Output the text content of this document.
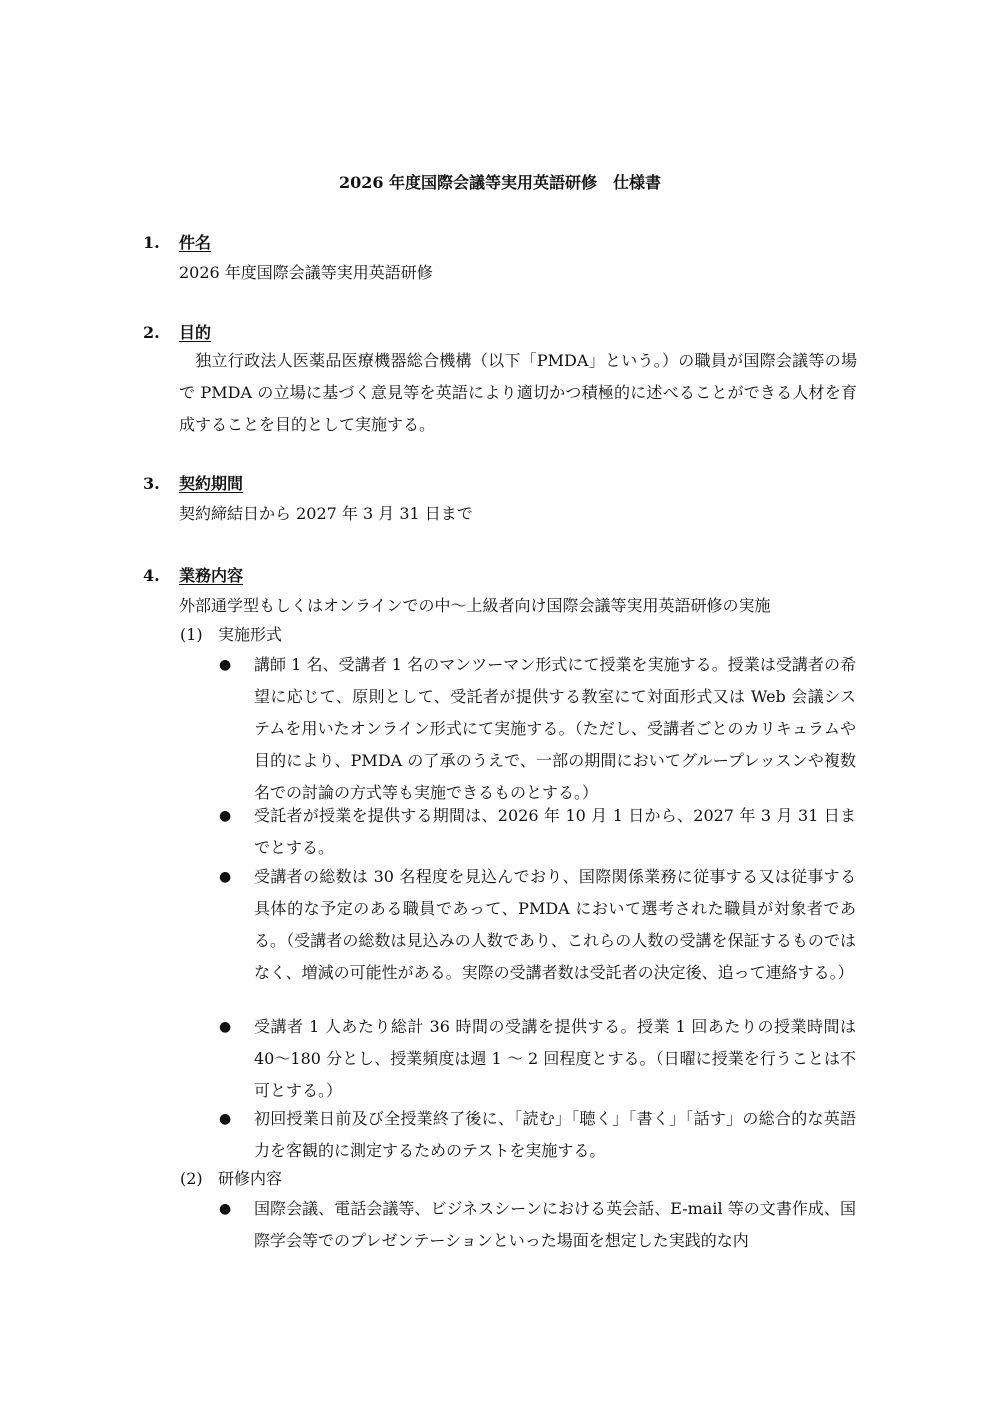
2026 年度国際会議等実用英語研修　仕様書
1. 件名
2026 年度国際会議等実用英語研修
2. 目的
　独立行政法人医薬品医療機器総合機構（以下「PMDA」という。）の職員が国際会議等の場で PMDA の立場に基づく意見等を英語により適切かつ積極的に述べることができる人材を育成することを目的として実施する。
3. 契約期間
契約締結日から 2027 年 3 月 31 日まで
4. 業務内容
外部通学型もしくはオンラインでの中～上級者向け国際会議等実用英語研修の実施
(1) 実施形式
● 講師 1 名、受講者 1 名のマンツーマン形式にて授業を実施する。授業は受講者の希望に応じて、原則として、受託者が提供する教室にて対面形式又は Web 会議システムを用いたオンライン形式にて実施する。（ただし、受講者ごとのカリキュラムや目的により、PMDA の了承のうえで、一部の期間においてグループレッスンや複数名での討論の方式等も実施できるものとする。）
● 受託者が授業を提供する期間は、2026 年 10 月 1 日から、2027 年 3 月 31 日までとする。
● 受講者の総数は 30 名程度を見込んでおり、国際関係業務に従事する又は従事する具体的な予定のある職員であって、PMDA において選考された職員が対象者である。（受講者の総数は見込みの人数であり、これらの人数の受講を保証するものではなく、増減の可能性がある。実際の受講者数は受託者の決定後、追って連絡する。）
● 受講者 1 人あたり総計 36 時間の受講を提供する。授業 1 回あたりの授業時間は 40～180 分とし、授業頻度は週 1 ～ 2 回程度とする。（日曜に授業を行うことは不可とする。）
● 初回授業日前及び全授業終了後に、「読む」「聴く」「書く」「話す」の総合的な英語力を客観的に測定するためのテストを実施する。
(2) 研修内容
● 国際会議、電話会議等、ビジネスシーンにおける英会話、E-mail 等の文書作成、国際学会等でのプレゼンテーションといった場面を想定した実践的な内
